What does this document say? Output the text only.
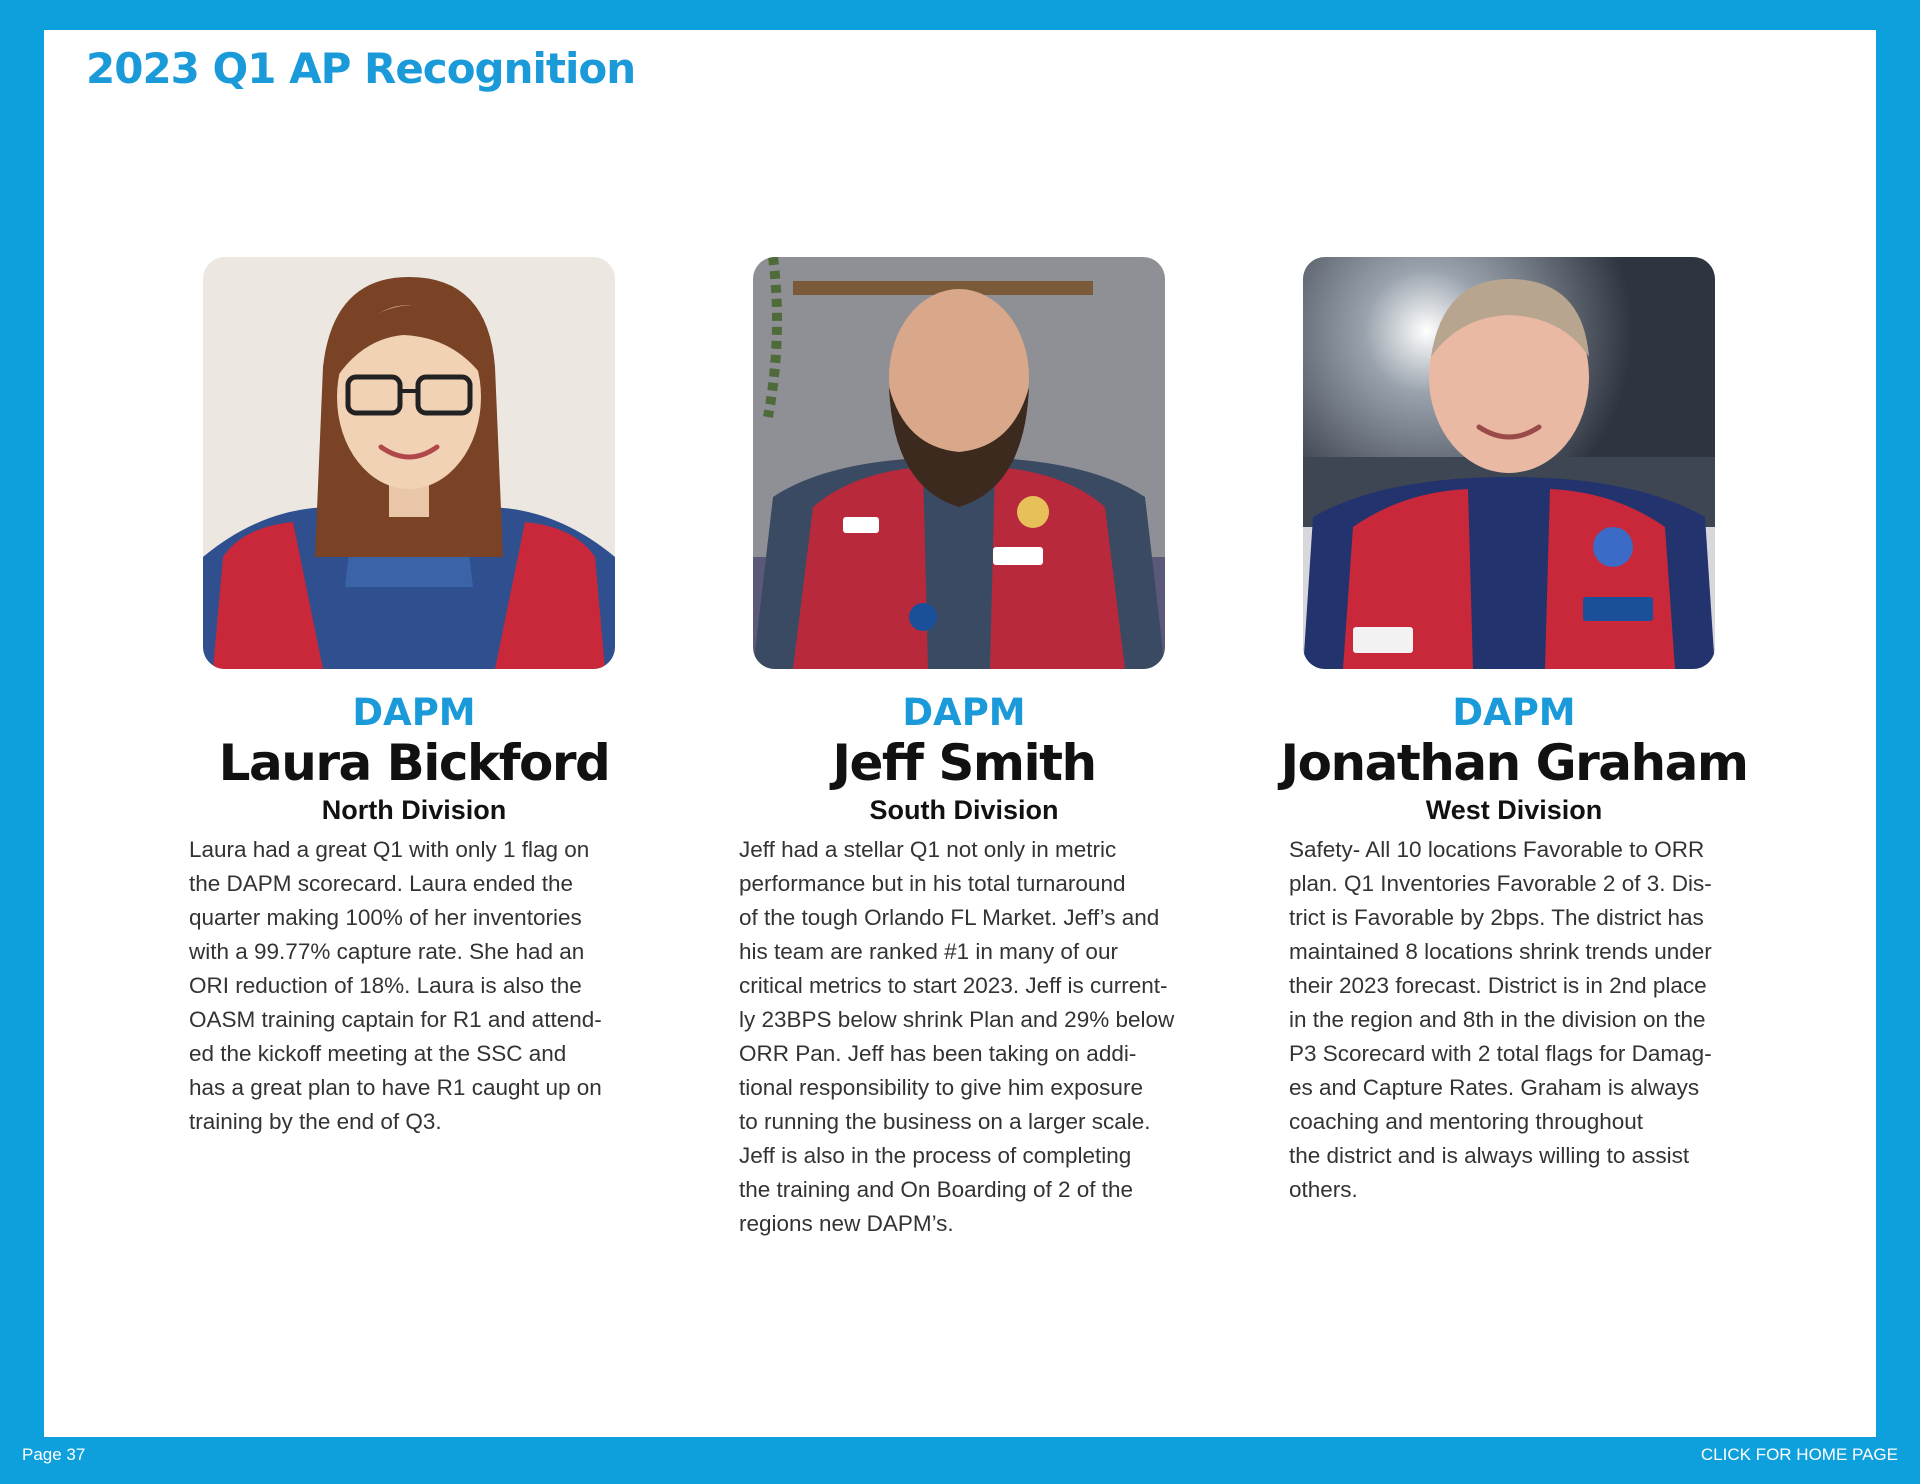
2023 Q1 AP Recognition
DAPM
Laura Bickford
North Division
Laura had a great Q1 with only 1 flag on
the DAPM scorecard. Laura ended the
quarter making 100% of her inventories
with a 99.77% capture rate. She had an
ORI reduction of 18%. Laura is also the
OASM training captain for R1 and attend-
ed the kickoff meeting at the SSC and
has a great plan to have R1 caught up on
training by the end of Q3.
DAPM
Jeff Smith
South Division
Jeff had a stellar Q1 not only in metric
performance but in his total turnaround
of the tough Orlando FL Market. Jeff’s and
his team are ranked #1 in many of our
critical metrics to start 2023. Jeff is current-
ly 23BPS below shrink Plan and 29% below
ORR Pan. Jeff has been taking on addi-
tional responsibility to give him exposure
to running the business on a larger scale.
Jeff is also in the process of completing
the training and On Boarding of 2 of the
regions new DAPM’s.
DAPM
Jonathan Graham
West Division
Safety- All 10 locations Favorable to ORR
plan. Q1 Inventories Favorable 2 of 3. Dis-
trict is Favorable by 2bps. The district has
maintained 8 locations shrink trends under
their 2023 forecast. District is in 2nd place
in the region and 8th in the division on the
P3 Scorecard with 2 total flags for Damag-
es and Capture Rates. Graham is always
coaching and mentoring throughout
the district and is always willing to assist
others.
Page 37	CLICK FOR HOME PAGE
